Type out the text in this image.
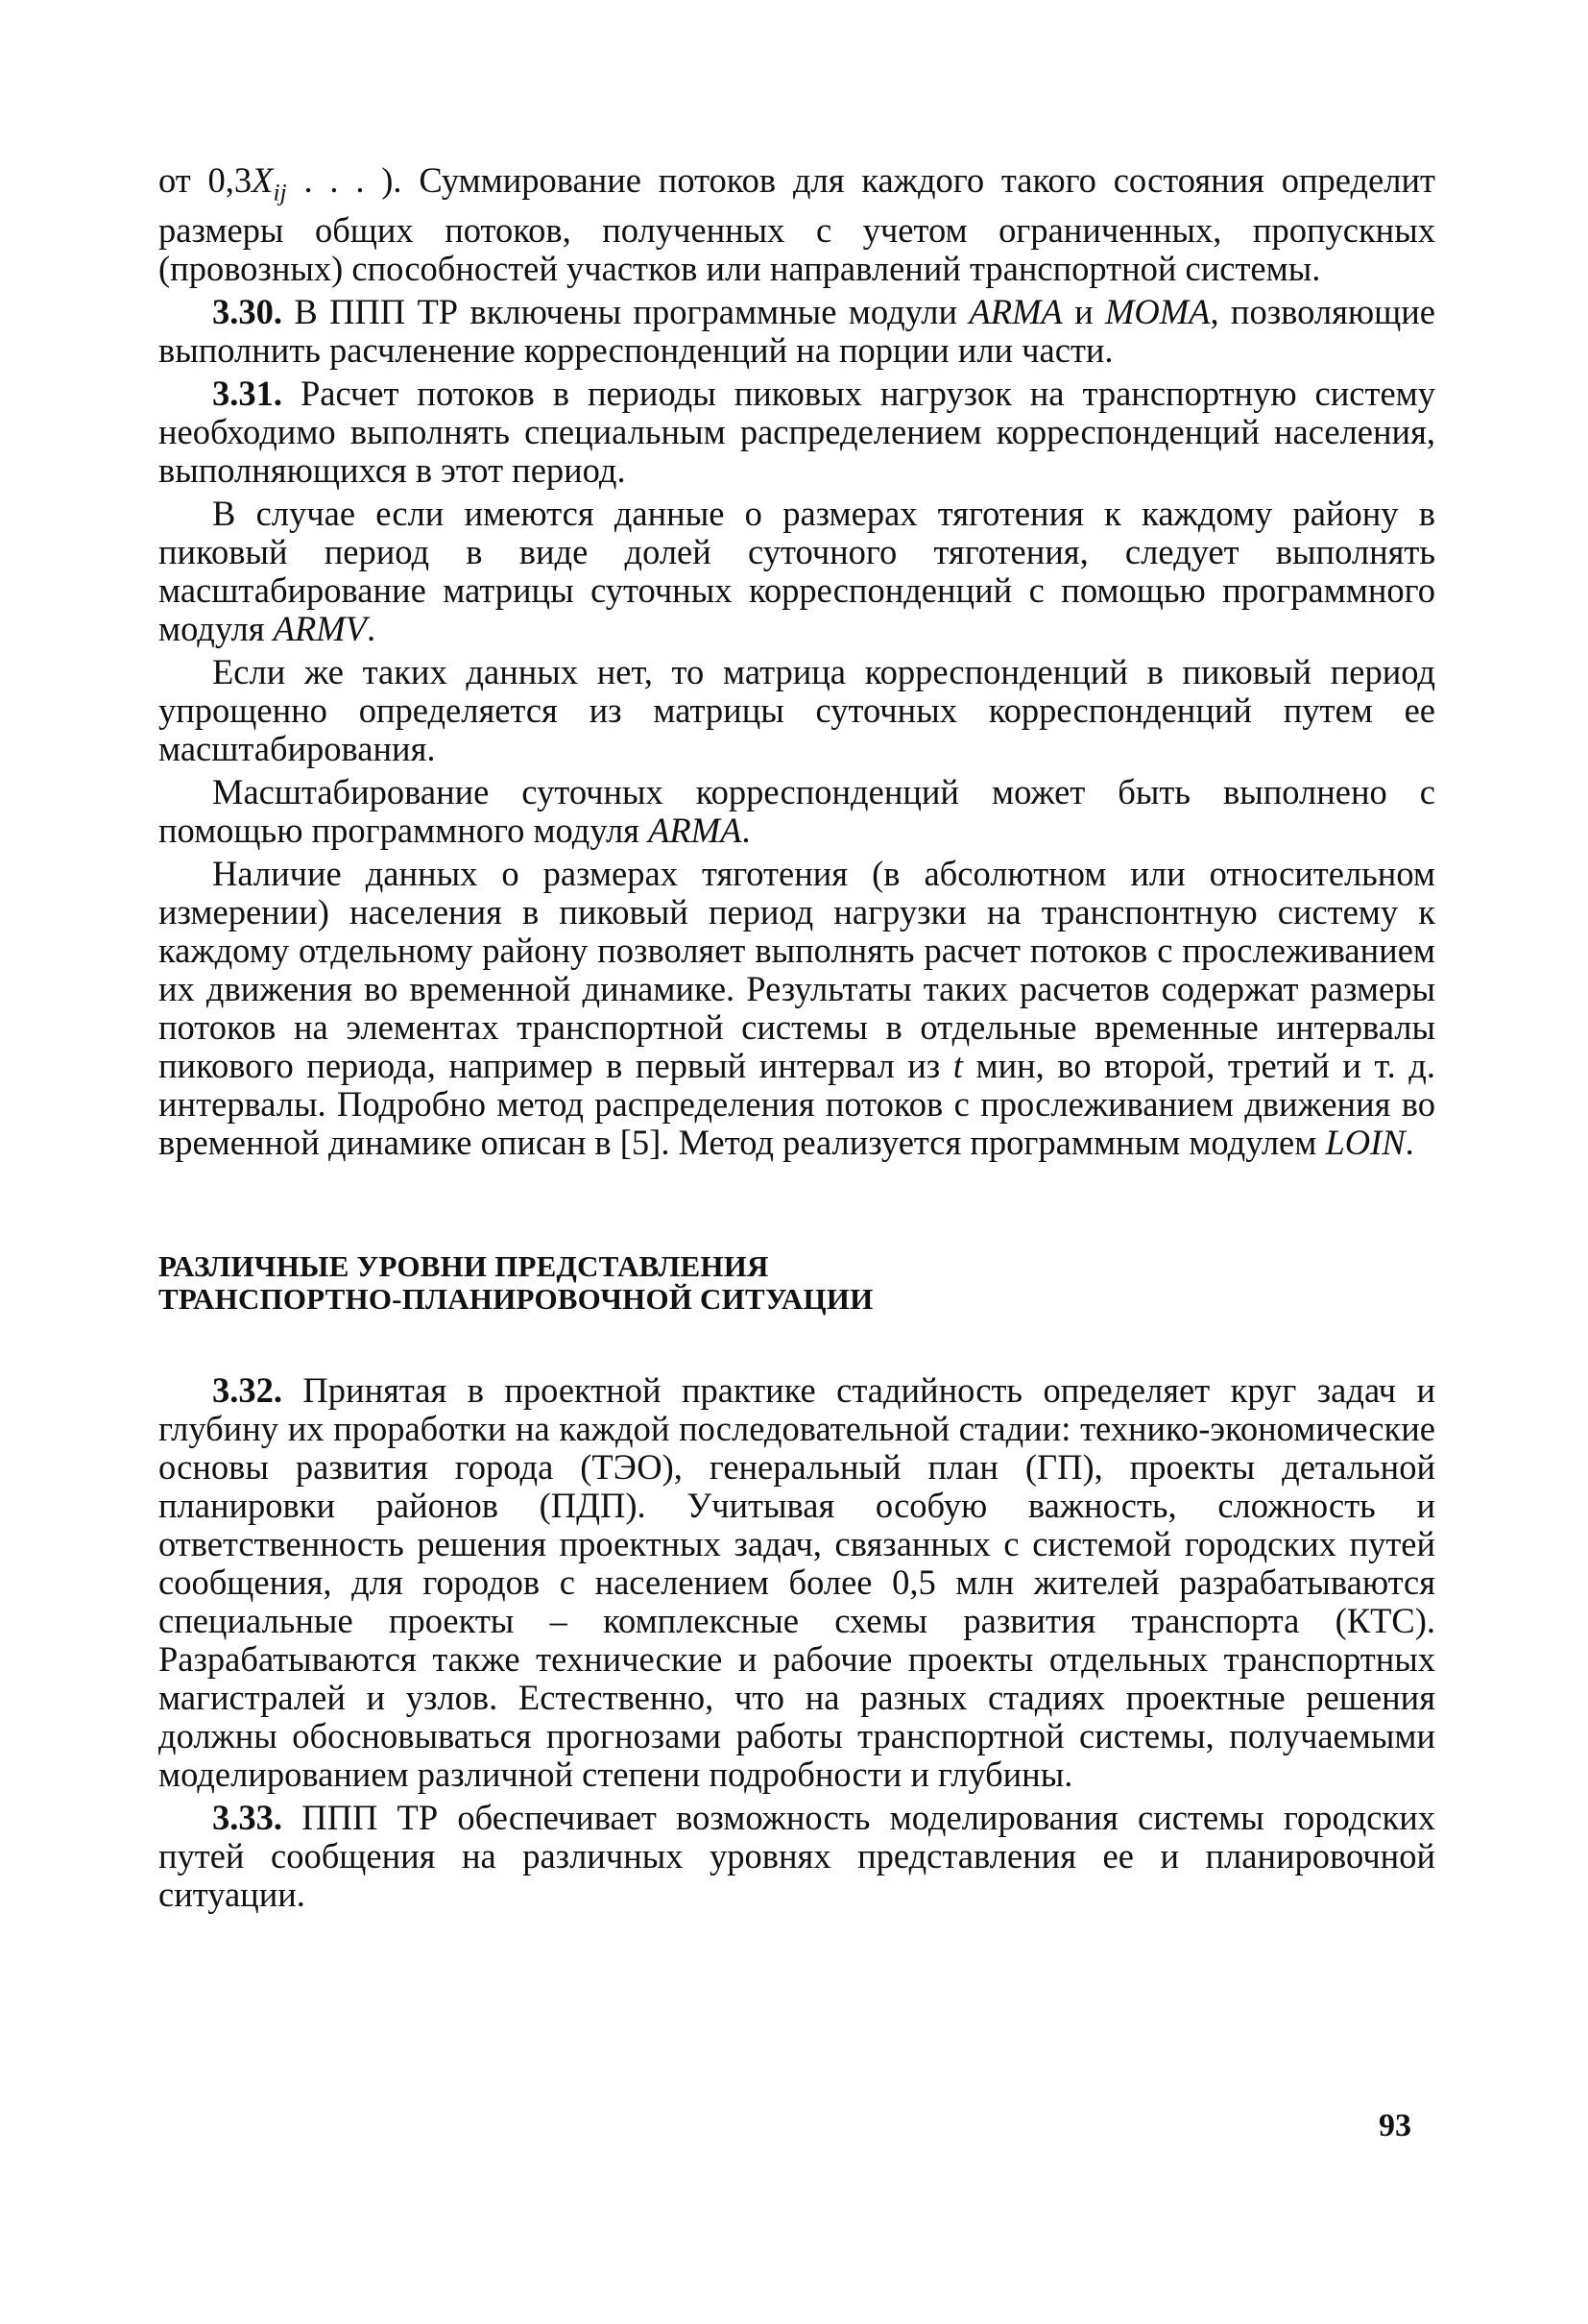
от $0,3X_{ij}$ . . . ). Суммирование потоков для каждого такого состояния определит размеры общих потоков, полученных с учетом ограниченных, пропускных (провозных) способностей участков или направлений транспортной системы.

3.30. В ППП ТР включены программные модули ARMA и MOMA, позволяющие выполнить расчленение корреспонденций на порции или части.

3.31. Расчет потоков в периоды пиковых нагрузок на транспортную систему необходимо выполнять специальным распределением корреспонденций населения, выполняющихся в этот период.

В случае если имеются данные о размерах тяготения к каждому району в пиковый период в виде долей суточного тяготения, следует выполнять масштабирование матрицы суточных корреспонденций с помощью программного модуля ARMV.

Если же таких данных нет, то матрица корреспонденций в пиковый период упрощенно определяется из матрицы суточных корреспонденций путем ее масштабирования.

Масштабирование суточных корреспонденций может быть выполнено с помощью программного модуля ARMA.

Наличие данных о размерах тяготения (в абсолютном или относительном измерении) населения в пиковый период нагрузки на транспонтную систему к каждому отдельному району позволяет выполнять расчет потоков с прослеживанием их движения во временной динамике. Результаты таких расчетов содержат размеры потоков на элементах транспортной системы в отдельные временные интервалы пикового периода, например в первый интервал из t мин, во второй, третий и т. д. интервалы. Подробно метод распределения потоков с прослеживанием движения во временной динамике описан в [5]. Метод реализуется программным модулем LOIN.

РАЗЛИЧНЫЕ УРОВНИ ПРЕДСТАВЛЕНИЯ
ТРАНСПОРТНО-ПЛАНИРОВОЧНОЙ СИТУАЦИИ

3.32. Принятая в проектной практике стадийность определяет круг задач и глубину их проработки на каждой последовательной стадии: технико-экономические основы развития города (ТЭО), генеральный план (ГП), проекты детальной планировки районов (ПДП). Учитывая особую важность, сложность и ответственность решения проектных задач, связанных с системой городских путей сообщения, для городов с населением более 0,5 млн жителей разрабатываются специальные проекты – комплексные схемы развития транспорта (КТС). Разрабатываются также технические и рабочие проекты отдельных транспортных магистралей и узлов. Естественно, что на разных стадиях проектные решения должны обосновываться прогнозами работы транспортной системы, получаемыми моделированием различной степени подробности и глубины.

3.33. ППП ТР обеспечивает возможность моделирования системы городских путей сообщения на различных уровнях представления ее и планировочной ситуации.

93
